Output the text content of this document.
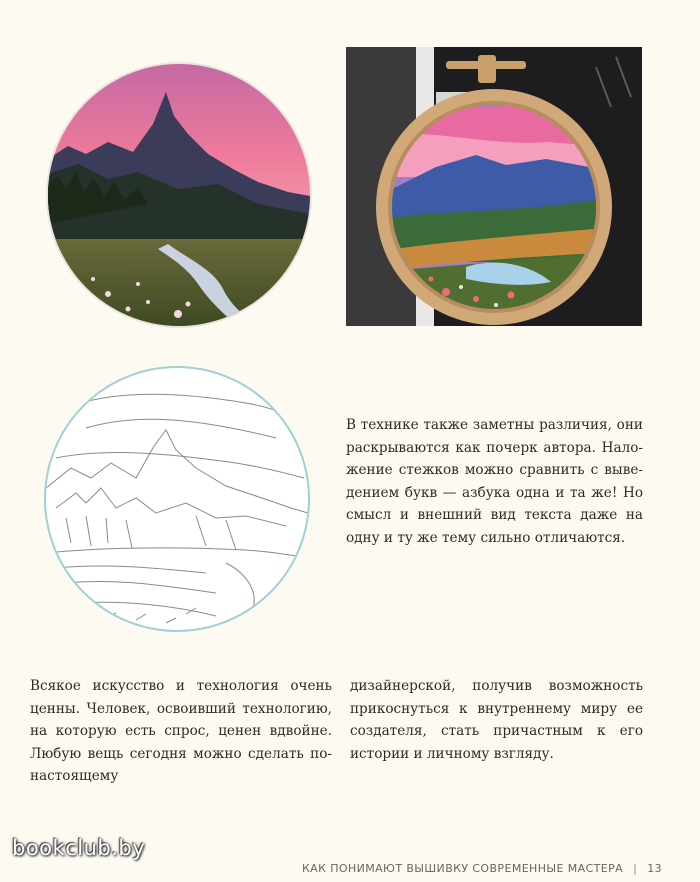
В технике также заметны различия, они раскрываются как почерк автора. Наложение стежков можно сравнить с выведением букв — азбука одна и та же! Но смысл и внешний вид текста даже на одну и ту же тему сильно отличаются.

Всякое искусство и технология очень ценны. Человек, освоивший технологию, на которую есть спрос, ценен вдвойне. Любую вещь сегодня можно сделать по-настоящему

дизайнерской, получив возможность прикоснуться к внутреннему миру ее создателя, стать причастным к его истории и личному взгляду.

bookclub.by
КАК ПОНИМАЮТ ВЫШИВКУ СОВРЕМЕННЫЕ МАСТЕРА | 13
